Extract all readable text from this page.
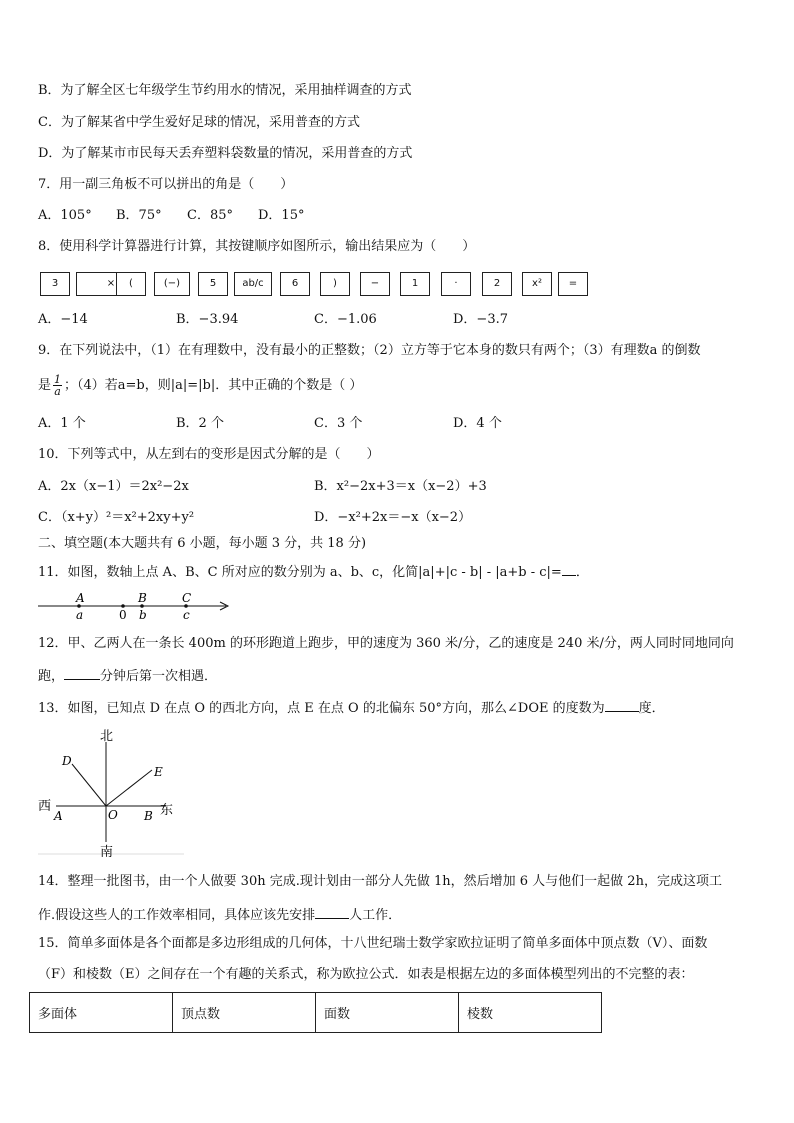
B．为了解全区七年级学生节约用水的情况，采用抽样调查的方式
C．为了解某省中学生爱好足球的情况，采用普查的方式
D．为了解某市市民每天丢弃塑料袋数量的情况，采用普查的方式
7．用一副三角板不可以拼出的角是（　　）
A．105° B．75° C．85° D．15°
8．使用科学计算器进行计算，其按键顺序如图所示，输出结果应为（　　）
3	×	(	(−)	5	ab/c	6	)	−	1	·	2	x²	=
A．−14	B．−3.94	C．−1.06	D．−3.7
9．在下列说法中，（1）在有理数中，没有最小的正整数；（2）立方等于它本身的数只有两个；（3）有理数a 的倒数
是 $\frac{1}{a}$ ；（4）若a=b，则|a|=|b|．其中正确的个数是（ ）
A．1 个	B．2 个	C．3 个	D．4 个
10．下列等式中，从左到右的变形是因式分解的是（　　）
A．2x（x−1）＝2x²−2x	B．x²−2x+3＝x（x−2）+3
C．（x+y）²＝x²+2xy+y²	D．−x²+2x＝−x（x−2）
二、填空题(本大题共有 6 小题，每小题 3 分，共 18 分)
11．如图，数轴上点 A、B、C 所对应的数分别为 a、b、c，化简|a|+|c - b| - |a+b - c|= ．
A	B	C
a	0 b	c
12．甲、乙两人在一条长 400m 的环形跑道上跑步，甲的速度为 360 米/分，乙的速度是 240 米/分，两人同时同地同向
跑，	分钟后第一次相遇．
13．如图，已知点 D 在点 O 的西北方向，点 E 在点 O 的北偏东 50°方向，那么∠DOE 的度数为	度．
北
南
东
西
D
E
A	O B
14．整理一批图书，由一个人做要 30h 完成.现计划由一部分人先做 1h，然后增加 6 人与他们一起做 2h，完成这项工
作.假设这些人的工作效率相同，具体应该先安排	人工作．
15．简单多面体是各个面都是多边形组成的几何体，十八世纪瑞士数学家欧拉证明了简单多面体中顶点数（V）、面数
（F）和棱数（E）之间存在一个有趣的关系式，称为欧拉公式．如表是根据左边的多面体模型列出的不完整的表：
多面体	顶点数	面数	棱数
